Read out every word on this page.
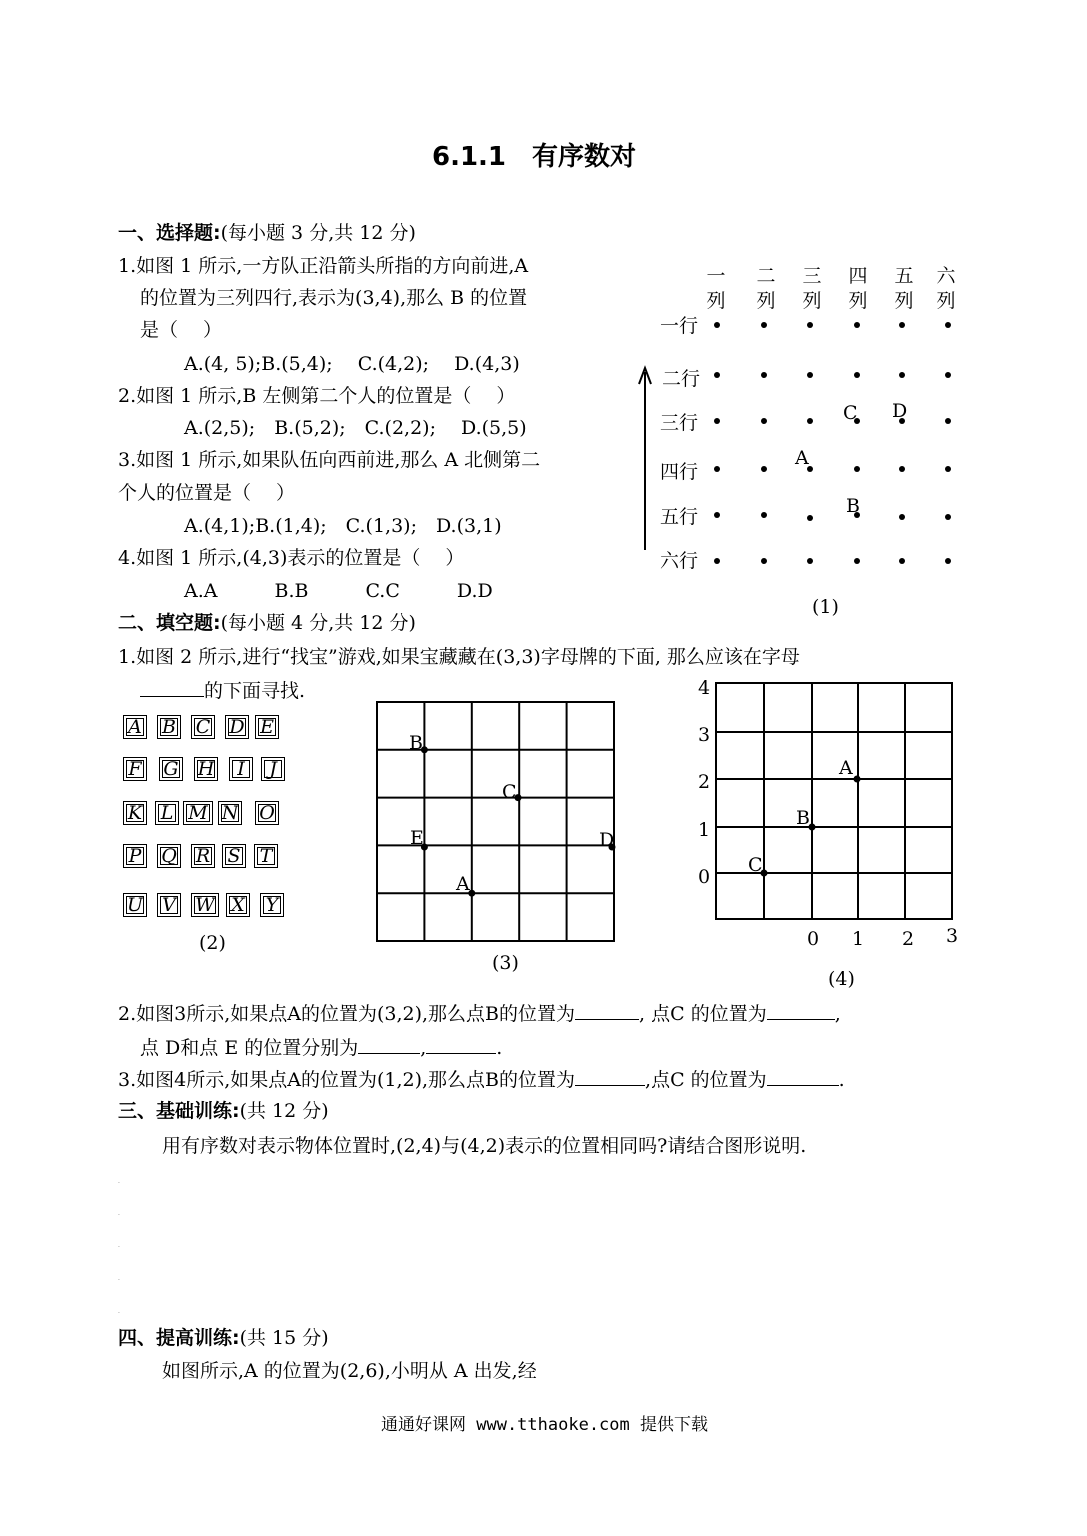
6.1.1　有序数对
一、选择题:(每小题 3 分,共 12 分)
1.如图 1 所示,一方队正沿箭头所指的方向前进,A
的位置为三列四行,表示为(3,4),那么 B 的位置
是（　 ）
A.(4, 5);B.(5,4);　 C.(4,2);　 D.(4,3)
2.如图 1 所示,B 左侧第二个人的位置是（　 ）
A.(2,5);　B.(5,2);　C.(2,2);　 D.(5,5)
3.如图 1 所示,如果队伍向西前进,那么 A 北侧第二
个人的位置是（　 ）
A.(4,1);B.(1,4);　C.(1,3);　D.(3,1)
4.如图 1 所示,(4,3)表示的位置是（　 ）
A.A　　　B.B　　　C.C　　　D.D
一
列
二
列
三
列
四
列
五
列
六
列
一行
二行
三行
四行
五行
六行
A
B
C D
(1)
二、填空题:(每小题 4 分,共 12 分)
1.如图 2 所示,进行“找宝”游戏,如果宝藏藏在(3,3)字母牌的下面, 那么应该在字母
的下面寻找.
A B C D E
F G H	I	J
K L M N O
P Q R S T
U V W X	Y
(2)
A
B
C
D
E
(3)
4
3
2
1
0
0 1 2 3
A
B
C
(4)
2.如图3所示,如果点A的位置为(3,2),那么点B的位置为	, 点C 的位置为	,
点 D和点 E 的位置分别为	,	.
3.如图4所示,如果点A的位置为(1,2),那么点B的位置为	,点C 的位置为	.
三、基础训练:(共 12 分)
用有序数对表示物体位置时,(2,4)与(4,2)表示的位置相同吗?请结合图形说明.
.
.
.
.
.
四、提高训练:(共 15 分)
如图所示,A 的位置为(2,6),小明从 A 出发,经
通通好课网 www.tthaoke.com 提供下载
